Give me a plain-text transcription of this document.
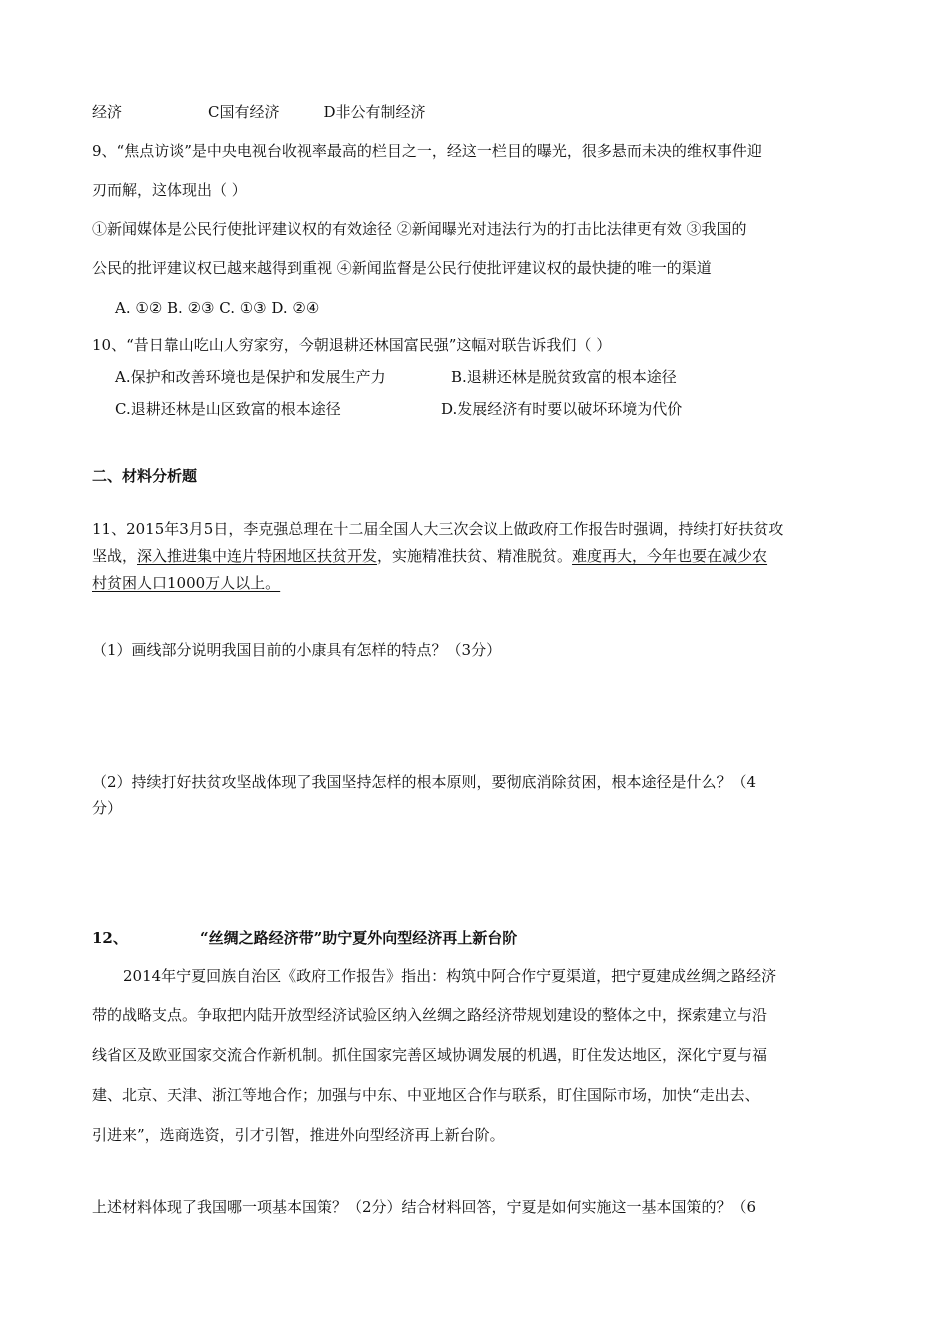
经济	C国有经济	D非公有制经济
9、“焦点访谈”是中央电视台收视率最高的栏目之一，经这一栏目的曝光，很多悬而未决的维权事件迎
刃而解，这体现出（ ）
①新闻媒体是公民行使批评建议权的有效途径 ②新闻曝光对违法行为的打击比法律更有效 ③我国的
公民的批评建议权已越来越得到重视 ④新闻监督是公民行使批评建议权的最快捷的唯一的渠道
A. ①② B. ②③ C. ①③ D. ②④
10、“昔日靠山吃山人穷家穷，今朝退耕还林国富民强”这幅对联告诉我们（ ）
A.保护和改善环境也是保护和发展生产力	B.退耕还林是脱贫致富的根本途径
C.退耕还林是山区致富的根本途径	D.发展经济有时要以破坏环境为代价
二、材料分析题
11、2015年3月5日，李克强总理在十二届全国人大三次会议上做政府工作报告时强调，持续打好扶贫攻
坚战，深入推进集中连片特困地区扶贫开发，实施精准扶贫、精准脱贫。难度再大，今年也要在减少农
村贫困人口1000万人以上。
（1）画线部分说明我国目前的小康具有怎样的特点？（3分）
（2）持续打好扶贫攻坚战体现了我国坚持怎样的根本原则，要彻底消除贫困，根本途径是什么？（4
分）
12、	“丝绸之路经济带”助宁夏外向型经济再上新台阶
2014年宁夏回族自治区《政府工作报告》指出：构筑中阿合作宁夏渠道，把宁夏建成丝绸之路经济
带的战略支点。争取把内陆开放型经济试验区纳入丝绸之路经济带规划建设的整体之中，探索建立与沿
线省区及欧亚国家交流合作新机制。抓住国家完善区域协调发展的机遇，盯住发达地区，深化宁夏与福
建、北京、天津、浙江等地合作；加强与中东、中亚地区合作与联系，盯住国际市场，加快“走出去、
引进来”，选商选资，引才引智，推进外向型经济再上新台阶。
上述材料体现了我国哪一项基本国策？（2分）结合材料回答，宁夏是如何实施这一基本国策的？（6
